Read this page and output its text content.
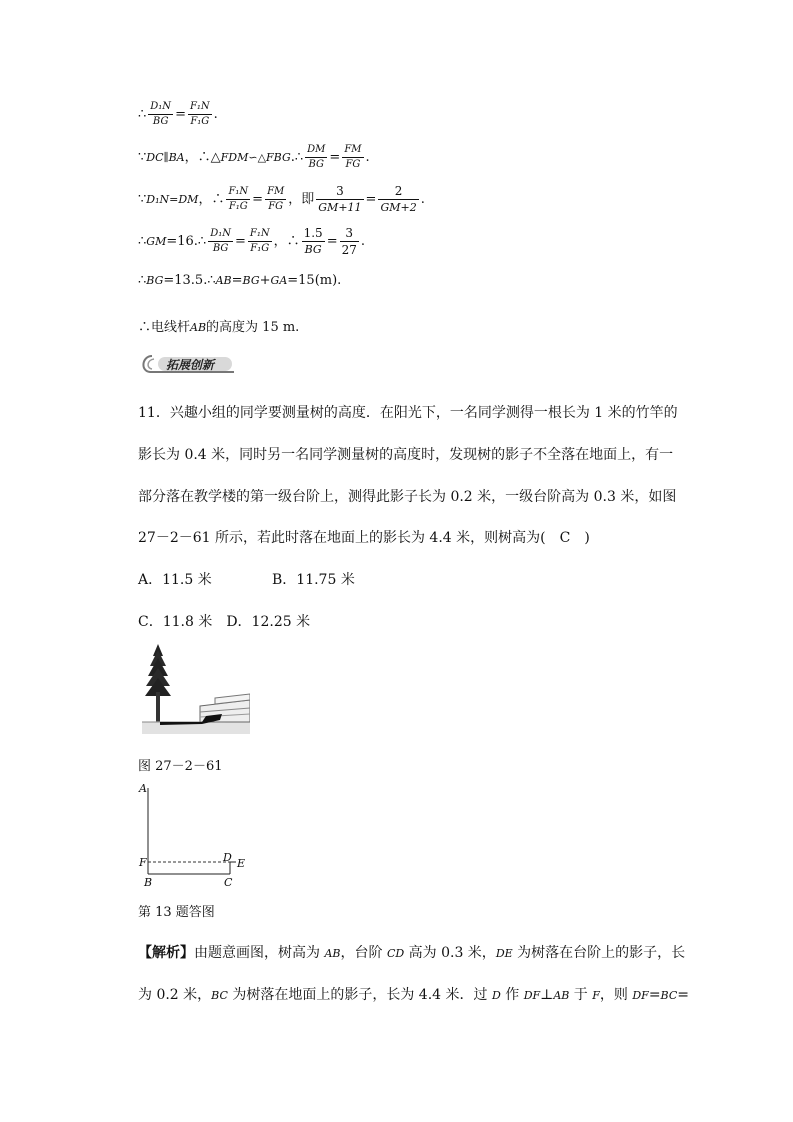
∴ $\frac{\text{D₁N}}{BG} = \frac{\text{F₁N}}{\text{F₁G}}$ .
∵DC∥BA，∴△FDM∽△FBG.∴ $\frac{DM}{BG} = \frac{FM}{FG}$ .
∵D₁N=DM，∴ $\frac{\text{F₁N}}{\text{F₁G}} = \frac{FM}{FG}$ ，即 $\frac{3}{GM+11} = \frac{2}{GM+2}$ .
∴GM=16.∴ $\frac{\text{D₁N}}{BG} = \frac{\text{F₁N}}{\text{F₁G}}$ ，∴ $\frac{1.5}{BG} = \frac{3}{27}$ .
∴BG=13.5.∴AB=BG+GA=15(m).
∴电线杆AB的高度为 15 m.
拓展创新
11．兴趣小组的同学要测量树的高度．在阳光下，一名同学测得一根长为 1 米的竹竿的
影长为 0.4 米，同时另一名同学测量树的高度时，发现树的影子不全落在地面上，有一
部分落在教学楼的第一级台阶上，测得此影子长为 0.2 米，一级台阶高为 0.3 米，如图
27－2－61 所示，若此时落在地面上的影长为 4.4 米，则树高为(　C　)
A．11.5 米	B．11.75 米
C．11.8 米　D．12.25 米
图 27－2－61
A
F
B
D E
C
第 13 题答图
【解析】由题意画图，树高为 AB，台阶 CD 高为 0.3 米，DE 为树落在台阶上的影子，长
为 0.2 米，BC 为树落在地面上的影子，长为 4.4 米．过 D 作 DF⊥AB 于 F，则 DF=BC=
